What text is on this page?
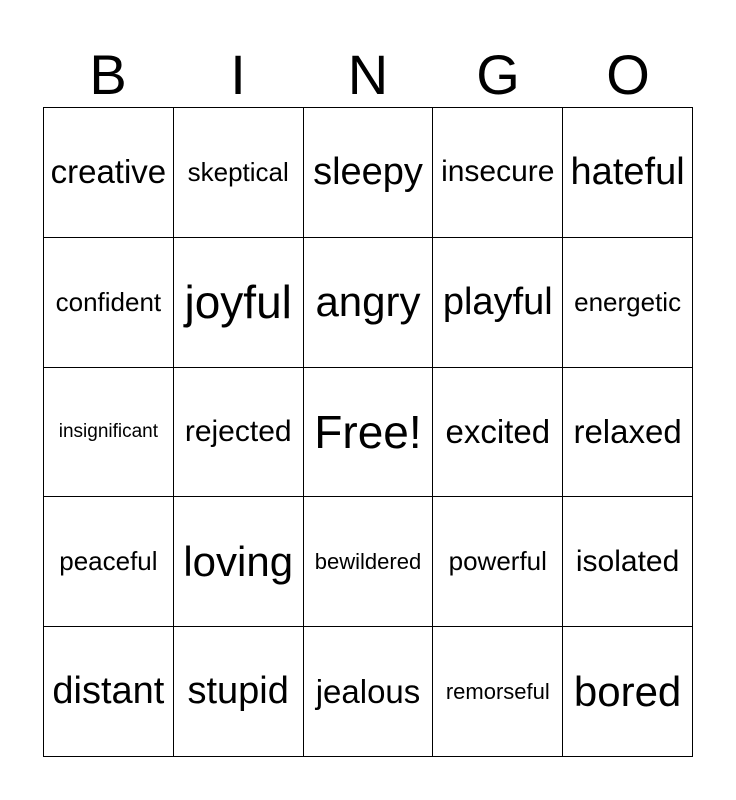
B	I	N	G	O
creative skeptical sleepy insecure hateful
confident joyful angry playful energetic
insignificant rejected Free! excited relaxed
peaceful loving bewildered	powerful isolated
distant stupid jealous	remorseful bored
